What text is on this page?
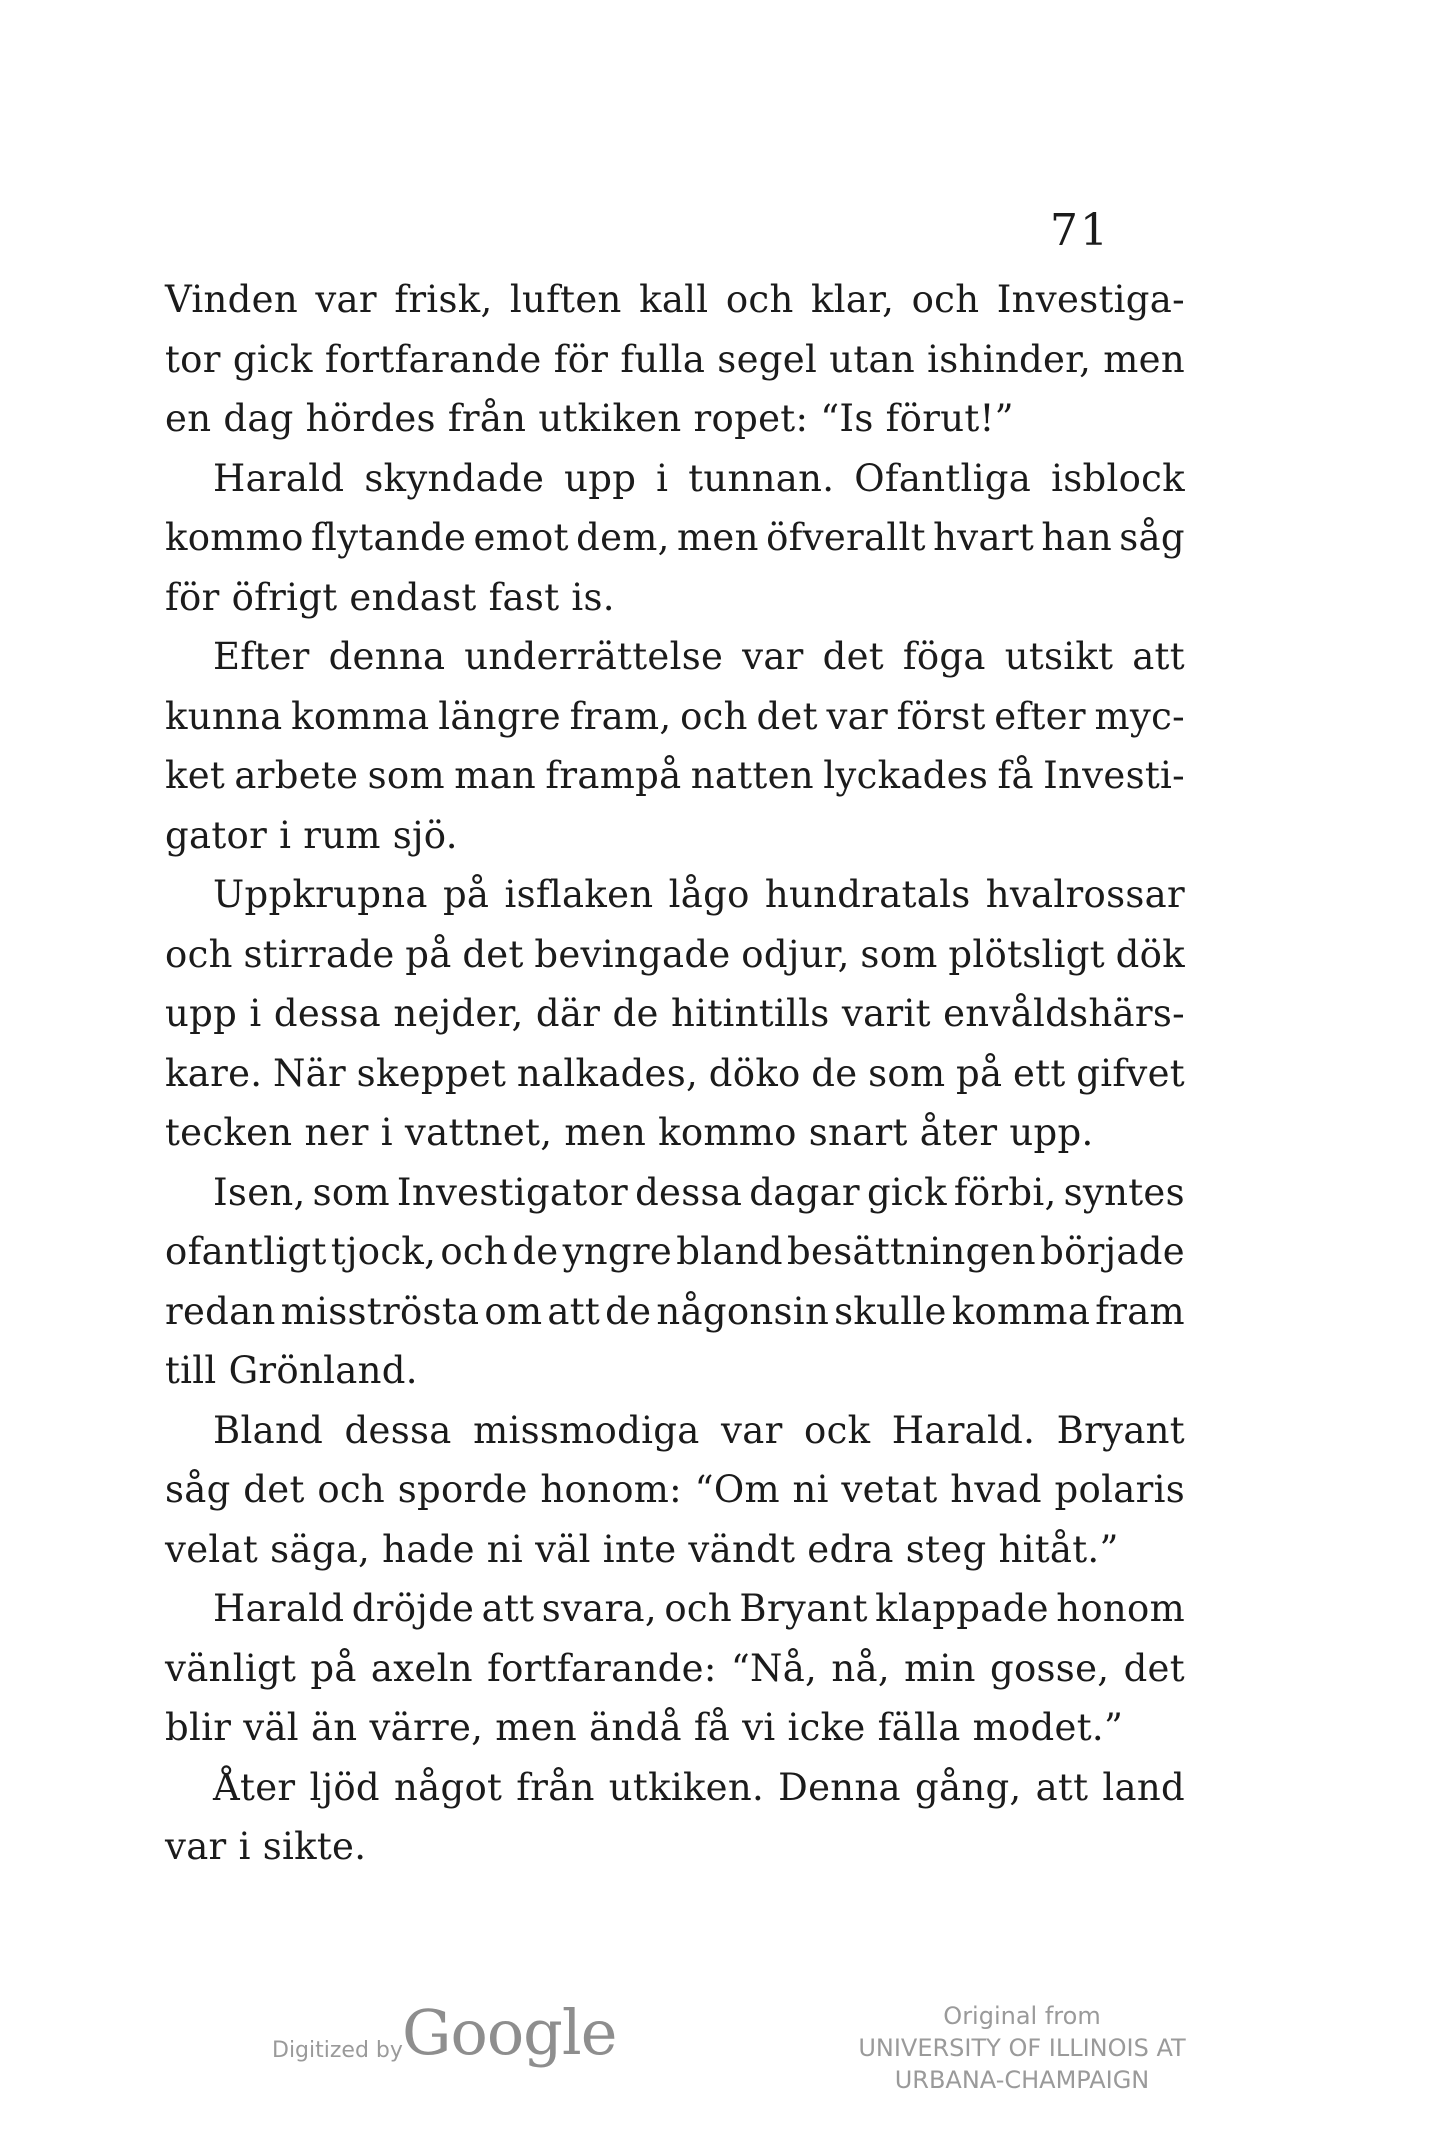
71
Vinden var frisk, luften kall och klar, och Investiga-
tor gick fortfarande för fulla segel utan ishinder, men
en dag hördes från utkiken ropet: “Is förut!”
Harald skyndade upp i tunnan. Ofantliga isblock
kommo flytande emot dem, men öfverallt hvart han såg
för öfrigt endast fast is.
Efter denna underrättelse var det föga utsikt att
kunna komma längre fram, och det var först efter myc-
ket arbete som man frampå natten lyckades få Investi-
gator i rum sjö.
Uppkrupna på isflaken lågo hundratals hvalrossar
och stirrade på det bevingade odjur, som plötsligt dök
upp i dessa nejder, där de hitintills varit envåldshärs-
kare. När skeppet nalkades, döko de som på ett gifvet
tecken ner i vattnet, men kommo snart åter upp.
Isen, som Investigator dessa dagar gick förbi, syntes
ofantligt tjock, och de yngre bland besättningen började
redan misströsta om att de någonsin skulle komma fram
till Grönland.
Bland dessa missmodiga var ock Harald. Bryant
såg det och sporde honom: “Om ni vetat hvad polaris
velat säga, hade ni väl inte vändt edra steg hitåt.”
Harald dröjde att svara, och Bryant klappade honom
vänligt på axeln fortfarande: “Nå, nå, min gosse, det
blir väl än värre, men ändå få vi icke fälla modet.”
Åter ljöd något från utkiken. Denna gång, att land
var i sikte.
Digitized by Google	Original from
UNIVERSITY OF ILLINOIS AT
URBANA-CHAMPAIGN
